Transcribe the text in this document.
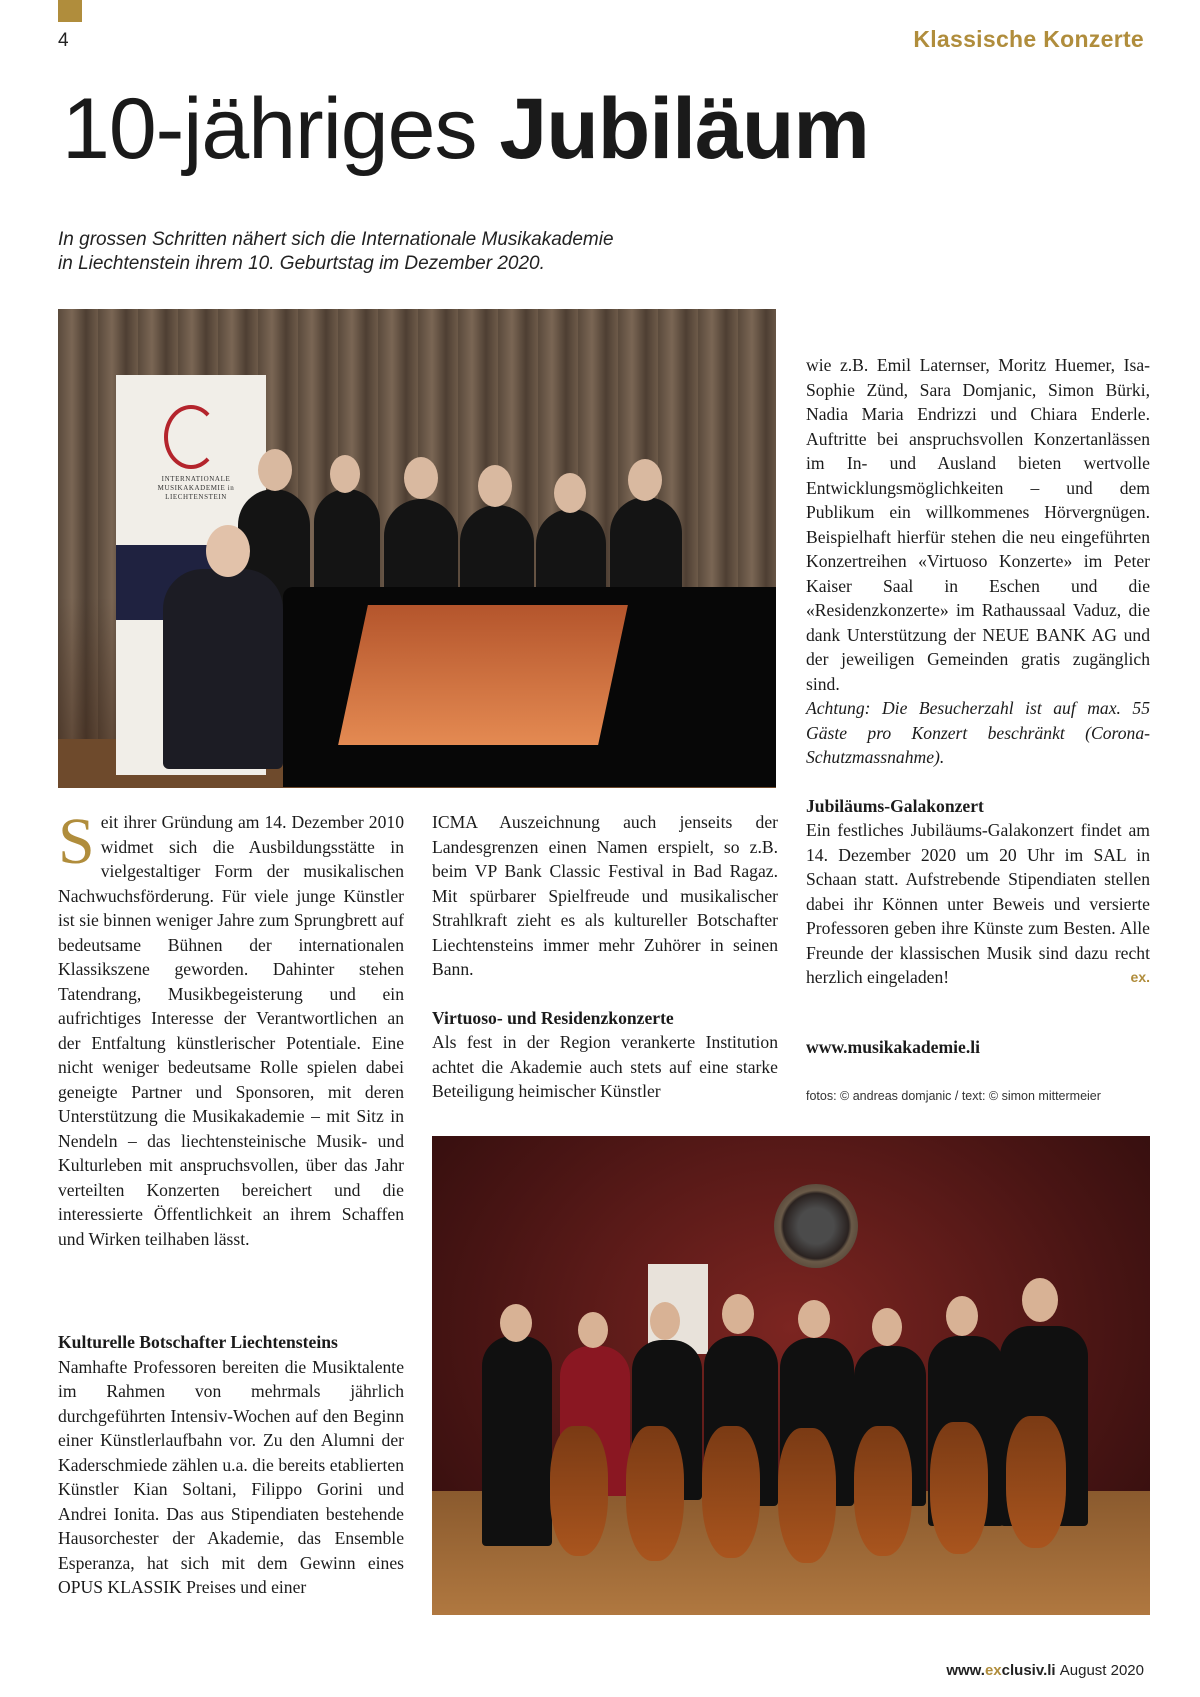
4	Klassische Konzerte
10-jähriges Jubiläum

In grossen Schritten nähert sich die Internationale Musikakademie

in Liechtenstein ihrem 10. Geburtstag im Dezember 2020.

INTERNATIONALE MUSIKAKADEMIE in LIECHTENSTEIN
Seit ihrer Gründung am 14. Dezember 2010 widmet sich die Ausbildungsstätte in vielgestaltiger Form der musikalischen Nachwuchsförderung. Für viele junge Künstler ist sie binnen weniger Jahre zum Sprungbrett auf bedeutsame Bühnen der internationalen Klassikszene geworden. Dahinter stehen Tatendrang, Musikbegeisterung und ein aufrichtiges Interesse der Verantwortlichen an der Entfaltung künstlerischer Potentiale. Eine nicht weniger bedeutsame Rolle spielen dabei geneigte Partner und Sponsoren, mit deren Unterstützung die Musikakademie – mit Sitz in Nendeln – das liechtensteinische Musik- und Kulturleben mit anspruchsvollen, über das Jahr verteilten Konzerten bereichert und die interessierte Öffentlichkeit an ihrem Schaffen und Wirken teilhaben lässt.
Kulturelle Botschafter Liechtensteins

Namhafte Professoren bereiten die Musiktalente im Rahmen von mehrmals jährlich durchgeführten Intensiv-Wochen auf den Beginn einer Künstlerlaufbahn vor. Zu den Alumni der Kaderschmiede zählen u.a. die bereits etablierten Künstler Kian Soltani, Filippo Gorini und Andrei Ionita. Das aus Stipendiaten bestehende Hausorchester der Akademie, das Ensemble Esperanza, hat sich mit dem Gewinn eines OPUS KLASSIK Preises und einer

ICMA Auszeichnung auch jenseits der Landesgrenzen einen Namen erspielt, so z.B. beim VP Bank Classic Festival in Bad Ragaz. Mit spürbarer Spielfreude und musikalischer Strahlkraft zieht es als kultureller Botschafter Liechtensteins immer mehr Zuhörer in seinen Bann.

Virtuoso- und Residenzkonzerte

Als fest in der Region verankerte Institution achtet die Akademie auch stets auf eine starke Beteiligung heimischer Künstler

wie z.B. Emil Laternser, Moritz Huemer, Isa-Sophie Zünd, Sara Domjanic, Simon Bürki, Nadia Maria Endrizzi und Chiara Enderle. Auftritte bei anspruchsvollen Konzertanlässen im In- und Ausland bieten wertvolle Entwicklungsmöglichkeiten – und dem Publikum ein willkommenes Hörvergnügen. Beispielhaft hierfür stehen die neu eingeführten Konzertreihen «Virtuoso Konzerte» im Peter Kaiser Saal in Eschen und die «Residenzkonzerte» im Rathaussaal Vaduz, die dank Unterstützung der NEUE BANK AG und der jeweiligen Gemeinden gratis zugänglich sind.

Achtung: Die Besucherzahl ist auf max. 55 Gäste pro Konzert beschränkt (Corona-Schutzmassnahme).

Jubiläums-Galakonzert

Ein festliches Jubiläums-Galakonzert findet am 14. Dezember 2020 um 20 Uhr im SAL in Schaan statt. Aufstrebende Stipendiaten stellen dabei ihr Können unter Beweis und versierte Professoren geben ihre Künste zum Besten. Alle Freunde der klassischen Musik sind dazu recht herzlich eingeladen!	ex.

www.musikakademie.li
fotos: © andreas domjanic / text: © simon mittermeier
www.exclusiv.li August 2020
